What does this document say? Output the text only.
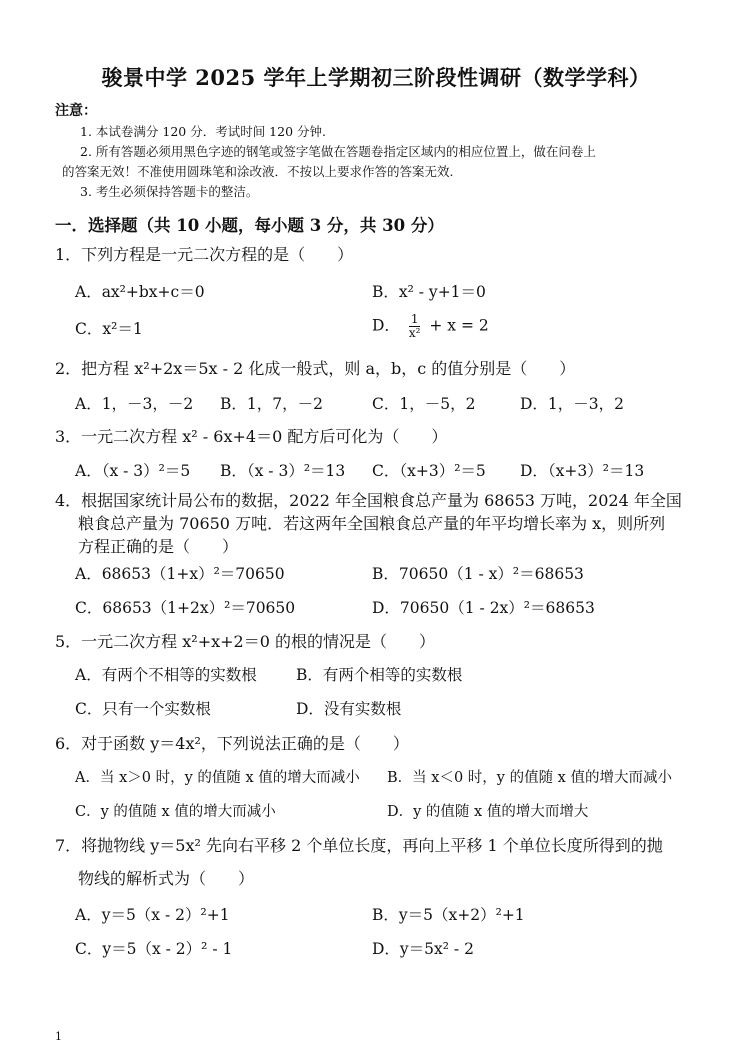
骏景中学 2025 学年上学期初三阶段性调研（数学学科）
注意：
1. 本试卷满分 120 分．考试时间 120 分钟.
2. 所有答题必须用黑色字迹的钢笔或签字笔做在答题卷指定区域内的相应位置上，做在问卷上
的答案无效！不准使用圆珠笔和涂改液．不按以上要求作答的答案无效.
3. 考生必须保持答题卡的整洁。
一．选择题（共 10 小题，每小题 3 分，共 30 分）
1．下列方程是一元二次方程的是（　　）
A．ax²+bx+c＝0	B．x² - y+1＝0
C．x²＝1	D． $\frac{1}{\text{x²}} + x = 2$
2．把方程 x²+2x＝5x - 2 化成一般式，则 a，b，c 的值分别是（　　）
A．1，－3，－2 B．1，7，－2	C．1，－5，2	D．1，－3，2
3．一元二次方程 x² - 6x+4＝0 配方后可化为（　　）
A．（x - 3）²＝5 B．（x - 3）²＝13 C．（x+3）²＝5 D．（x+3）²＝13
4．根据国家统计局公布的数据，2022 年全国粮食总产量为 68653 万吨，2024 年全国
粮食总产量为 70650 万吨．若这两年全国粮食总产量的年平均增长率为 x，则所列
方程正确的是（　　）
A．68653（1+x）²＝70650	B．70650（1 - x）²＝68653
C．68653（1+2x）²＝70650	D．70650（1 - 2x）²＝68653
5．一元二次方程 x²+x+2＝0 的根的情况是（　　）
A．有两个不相等的实数根	B．有两个相等的实数根
C．只有一个实数根	D．没有实数根
6．对于函数 y＝4x²，下列说法正确的是（　　）
A．当 x＞0 时，y 的值随 x 值的增大而减小 B．当 x＜0 时，y 的值随 x 值的增大而减小
C．y 的值随 x 值的增大而减小	D．y 的值随 x 值的增大而增大
7．将抛物线 y＝5x² 先向右平移 2 个单位长度，再向上平移 1 个单位长度所得到的抛
物线的解析式为（　　）
A．y＝5（x - 2）²+1	B．y＝5（x+2）²+1
C．y＝5（x - 2）² - 1	D．y＝5x² - 2
1
